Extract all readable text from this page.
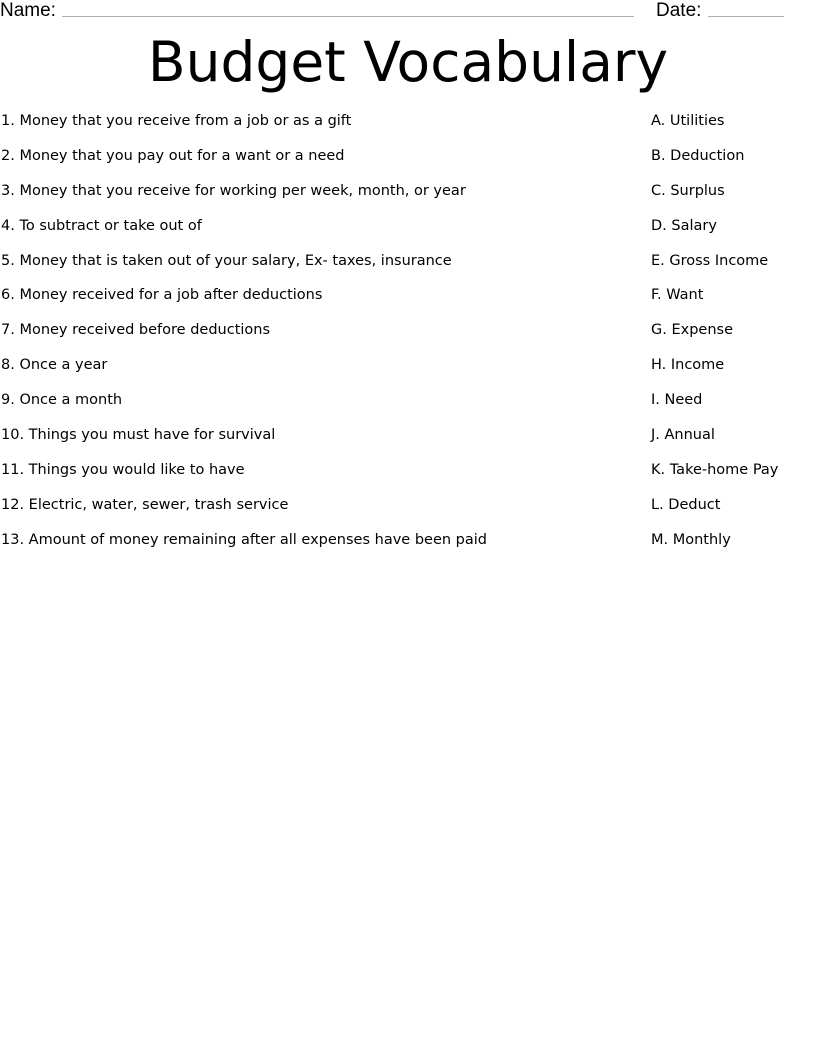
Name:	Date:
Budget Vocabulary
1. Money that you receive from a job or as a gift	A. Utilities
2. Money that you pay out for a want or a need	B. Deduction
3. Money that you receive for working per week, month, or year	C. Surplus
4. To subtract or take out of	D. Salary
5. Money that is taken out of your salary, Ex- taxes, insurance	E. Gross Income
6. Money received for a job after deductions	F. Want
7. Money received before deductions	G. Expense
8. Once a year	H. Income
9. Once a month	I. Need
10. Things you must have for survival	J. Annual
11. Things you would like to have	K. Take-home Pay
12. Electric, water, sewer, trash service	L. Deduct
13. Amount of money remaining after all expenses have been paid	M. Monthly
